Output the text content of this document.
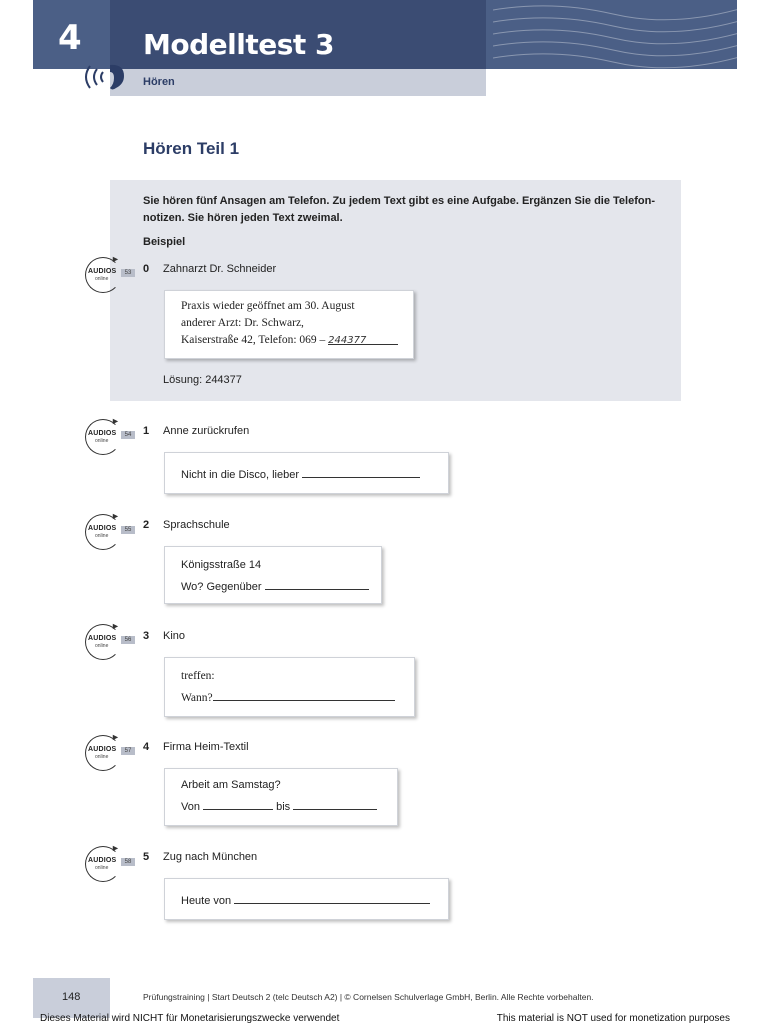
4 Modelltest 3
Hören
Hören Teil 1
Sie hören fünf Ansagen am Telefon. Zu jedem Text gibt es eine Aufgabe. Ergänzen Sie die Telefon-notizen. Sie hören jeden Text zweimal.
Beispiel
►
AUDIOS
online
53	0 Zahnarzt Dr. Schneider
Praxis wieder geöffnet am 30. August
anderer Arzt: Dr. Schwarz,
Kaiserstraße 42, Telefon: 069 – 244377
Lösung: 244377
►
AUDIOS
online
54	1 Anne zurückrufen
Nicht in die Disco, lieber
►
AUDIOS
online
55	2 Sprachschule
Königsstraße 14
Wo? Gegenüber
►
AUDIOS
online
56	3 Kino
treffen:
Wann?
►
AUDIOS
online
57	4 Firma Heim-Textil
Arbeit am Samstag?
Von	bis
►
AUDIOS
online
58	5 Zug nach München
Heute von
148	Prüfungstraining | Start Deutsch 2 (telc Deutsch A2) | © Cornelsen Schulverlage GmbH, Berlin. Alle Rechte vorbehalten.
Dieses Material wird NICHT für Monetarisierungszwecke verwendet	This material is NOT used for monetization purposes
